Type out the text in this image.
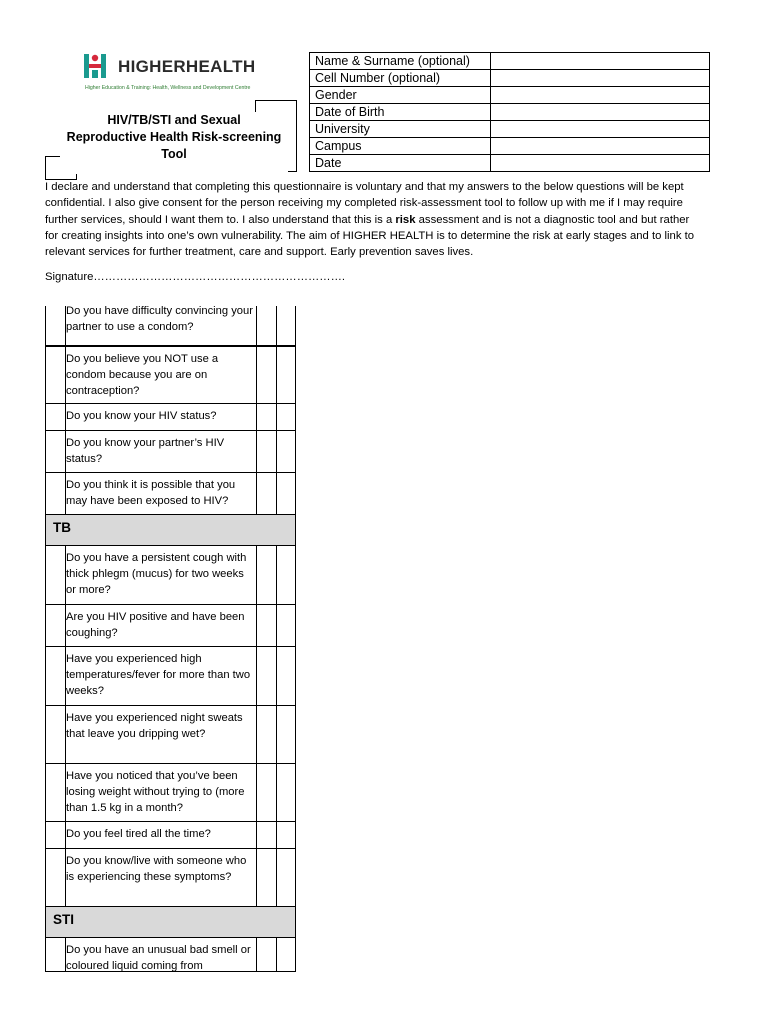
HIGHERHEALTH
Higher Education & Training: Health, Wellness and Development Centre
HIV/TB/STI and Sexual
Reproductive Health Risk-screening
Tool
Name & Surname (optional)	
Cell Number (optional)	
Gender	
Date of Birth	
University	
Campus	
Date	
I declare and understand that completing this questionnaire is voluntary and that my answers to the below questions will be kept confidential. I also give consent for the person receiving my completed risk-assessment tool to follow up with me if I may require further services, should I want them to. I also understand that this is a risk assessment and is not a diagnostic tool and but rather for creating insights into one’s own vulnerability. The aim of HIGHER HEALTH is to determine the risk at early stages and to link to relevant services for further treatment, care and support. Early prevention saves lives.
Signature………………………………………………………….
Do you have difficulty convincing your partner to use a condom?
Do you believe you NOT use a condom because you are on contraception?
Do you know your HIV status?
Do you know your partner’s HIV status?
Do you think it is possible that you may have been exposed to HIV?
TB
Do you have a persistent cough with thick phlegm (mucus) for two weeks or more?
Are you HIV positive and have been coughing?
Have you experienced high temperatures/fever for more than two weeks?
Have you experienced night sweats that leave you dripping wet?
Have you noticed that you’ve been losing weight without trying to (more than 1.5 kg in a month?
Do you feel tired all the time?
Do you know/live with someone who is experiencing these symptoms?
STI
Do you have an unusual bad smell or coloured liquid coming from
